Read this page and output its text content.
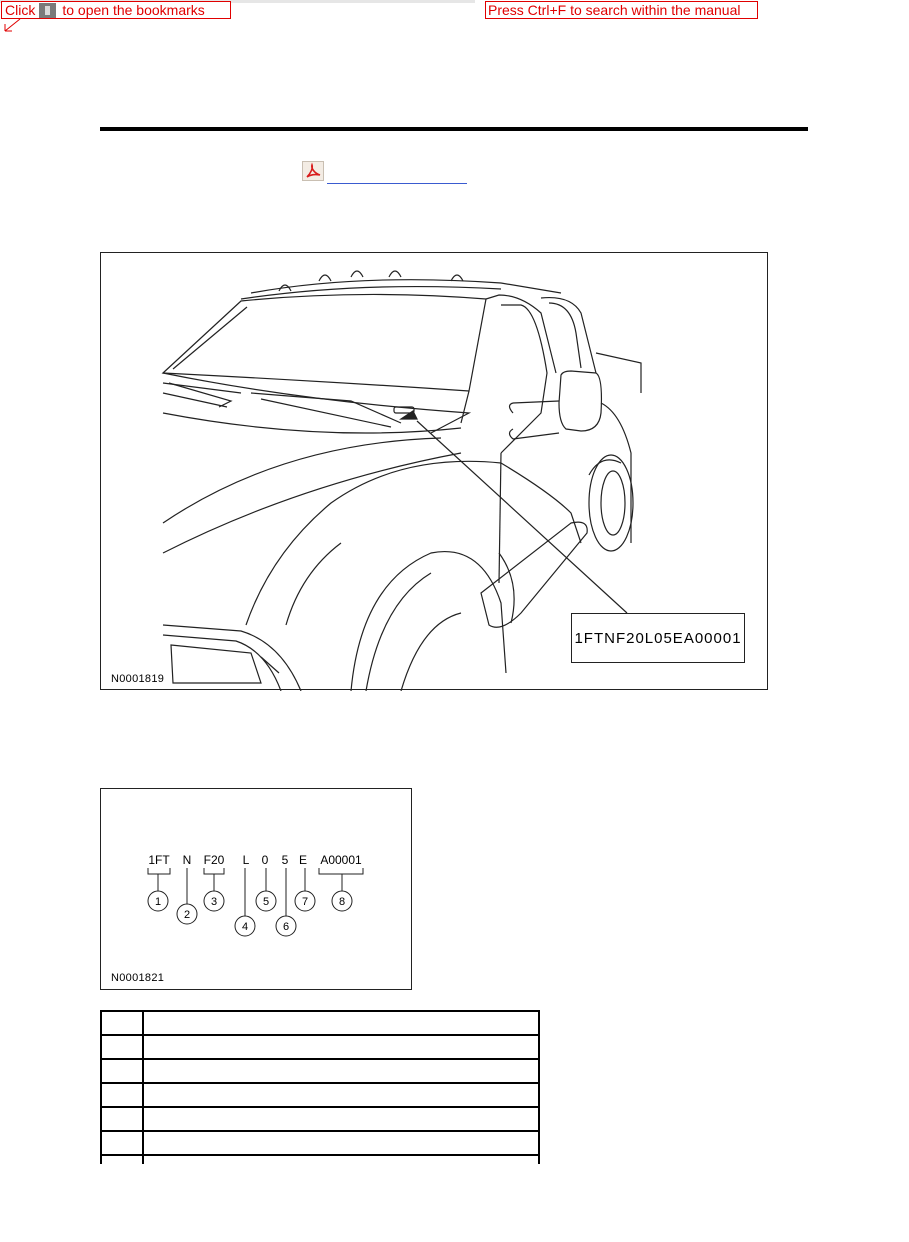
Click to open the bookmarks	Press Ctrl+F to search within the manual
1FTNF20L05EA00001
N0001819
1FT
1
N
2
F20
3
L
4
0
5
5
6
E
7
A00001
8
N0001821
